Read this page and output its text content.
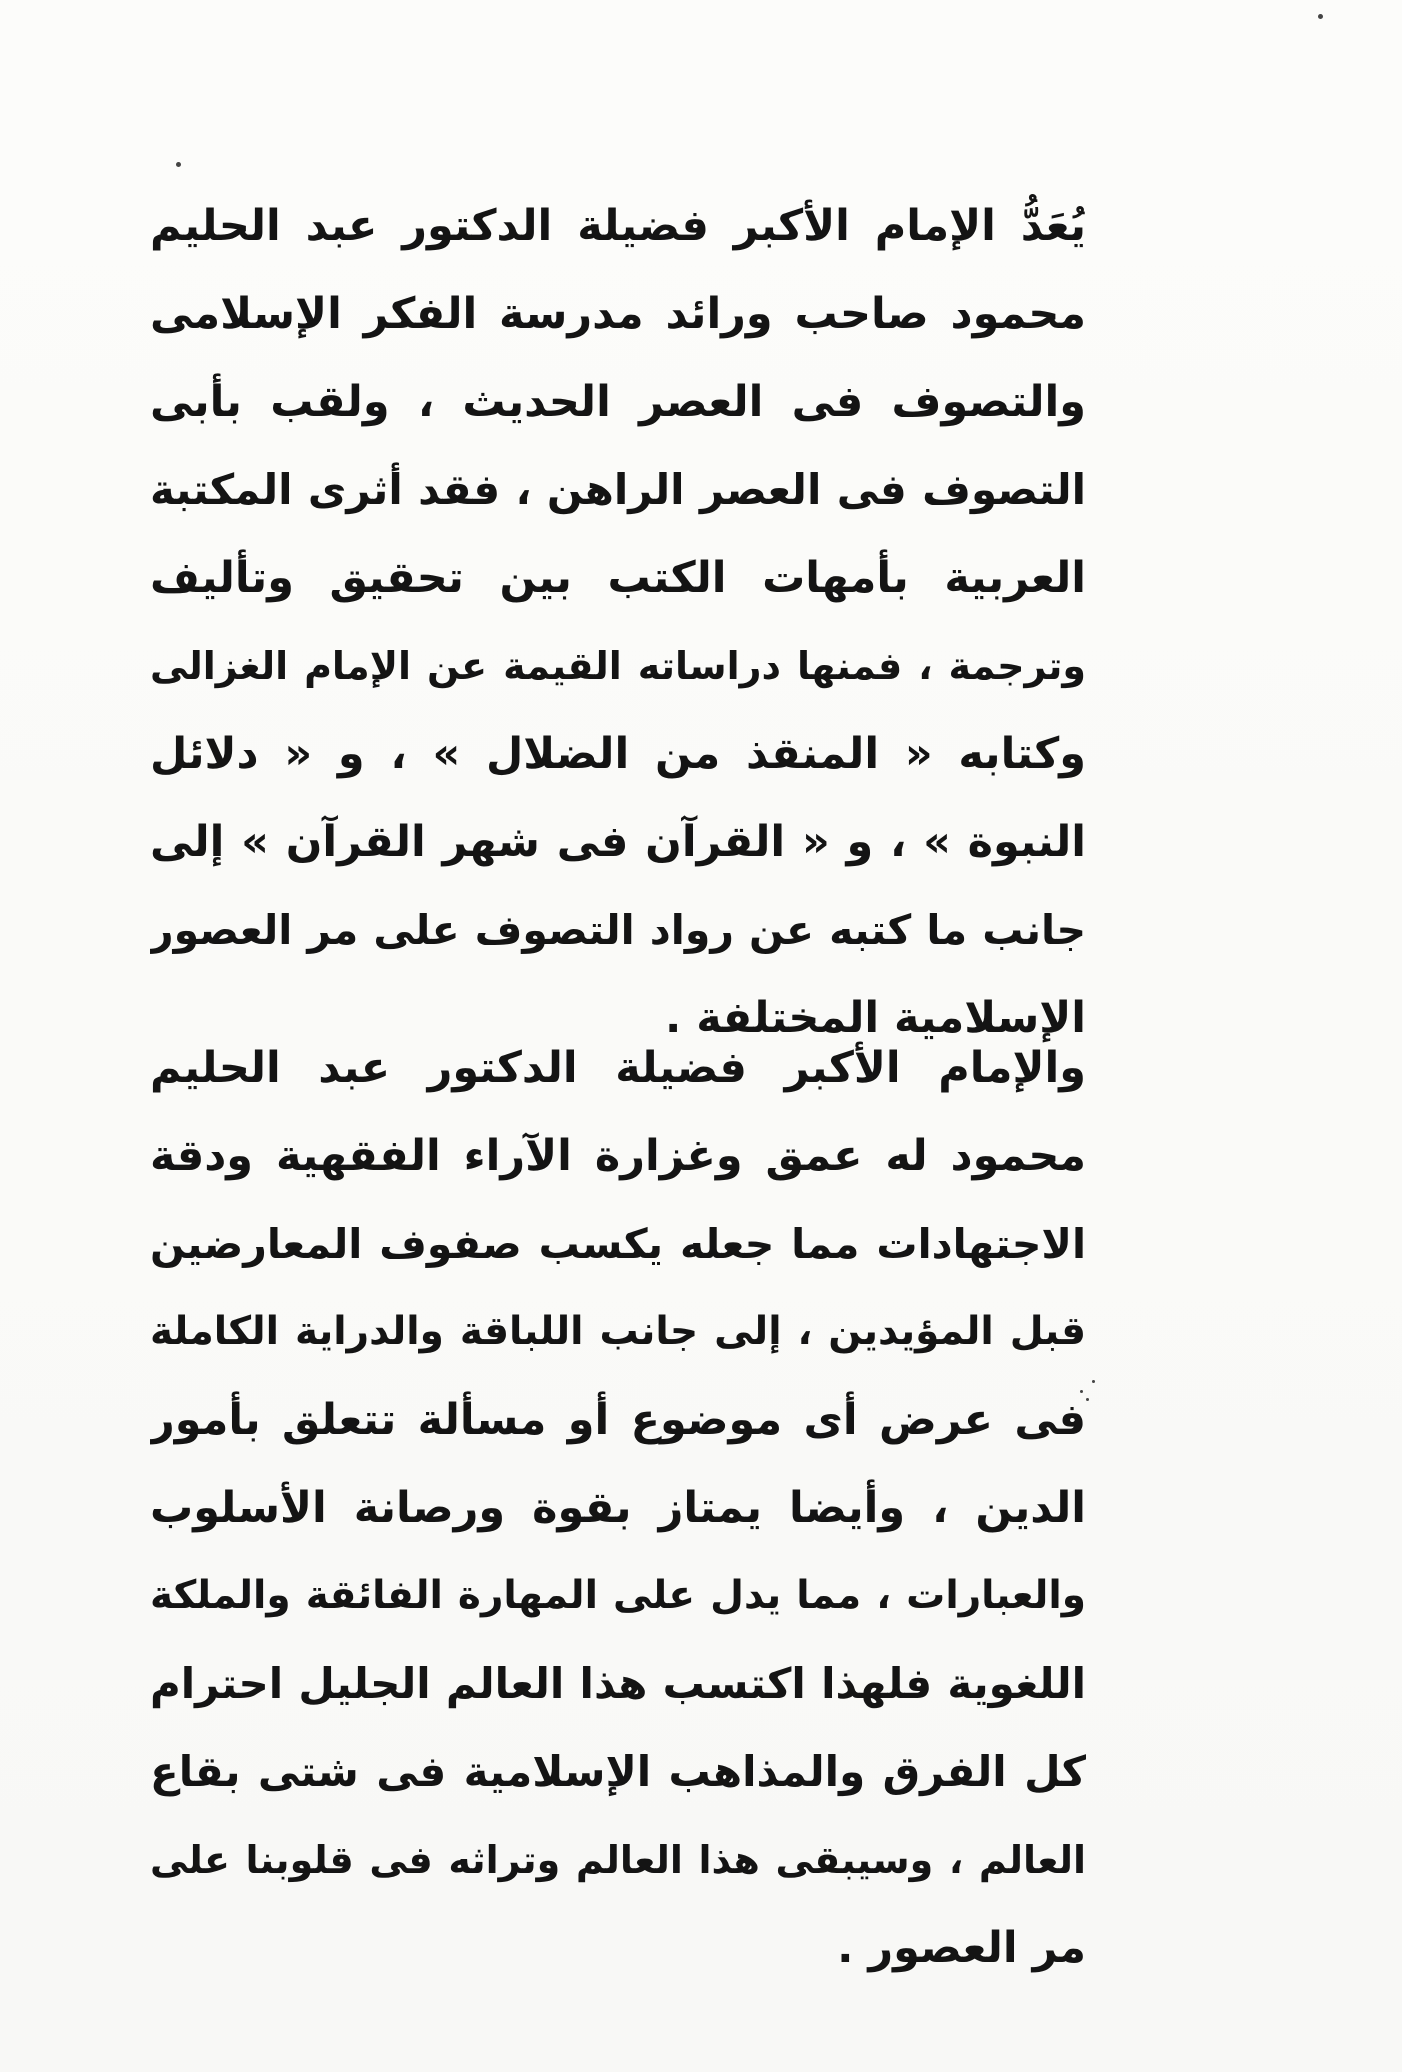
يُعَدُّ الإمام الأكبر فضيلة الدكتور عبد الحليم
محمود صاحب ورائد مدرسة الفكر الإسلامى
والتصوف فى العصر الحديث ، ولقب بأبى
التصوف فى العصر الراهن ، فقد أثرى المكتبة
العربية بأمهات الكتب بين تحقيق وتأليف
وترجمة ، فمنها دراساته القيمة عن الإمام الغزالى
وكتابه « المنقذ من الضلال » ، و « دلائل
النبوة » ، و « القرآن فى شهر القرآن » إلى
جانب ما كتبه عن رواد التصوف على مر العصور
الإسلامية المختلفة .
والإمام الأكبر فضيلة الدكتور عبد الحليم
محمود له عمق وغزارة الآراء الفقهية ودقة
الاجتهادات مما جعله يكسب صفوف المعارضين
قبل المؤيدين ، إلى جانب اللباقة والدراية الكاملة
فى عرض أى موضوع أو مسألة تتعلق بأمور
الدين ، وأيضا يمتاز بقوة ورصانة الأسلوب
والعبارات ، مما يدل على المهارة الفائقة والملكة
اللغوية فلهذا اكتسب هذا العالم الجليل احترام
كل الفرق والمذاهب الإسلامية فى شتى بقاع
العالم ، وسيبقى هذا العالم وتراثه فى قلوبنا على
مر العصور .
